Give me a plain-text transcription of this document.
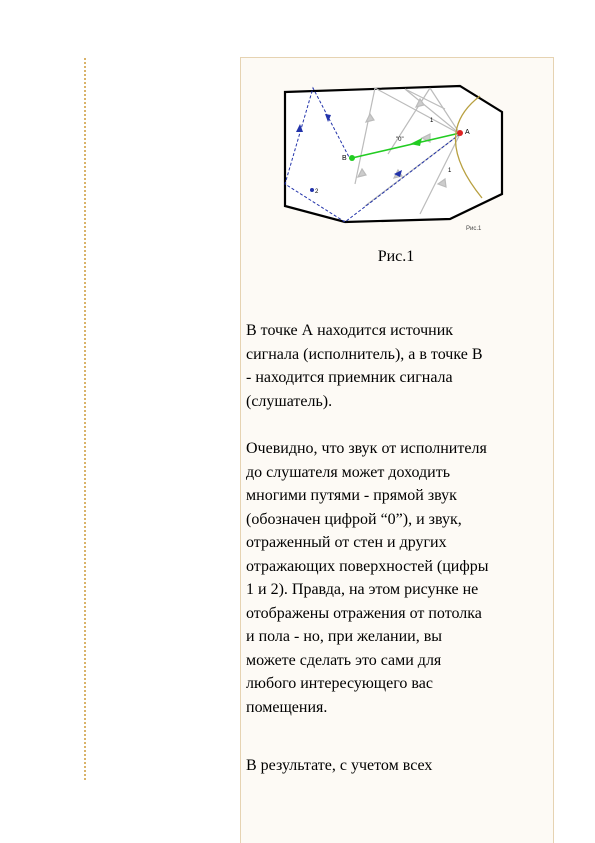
A
B
"0"
1
1
2
Рис.1
Рис.1
В точке А находится источник
сигнала (исполнитель), а в точке В
- находится приемник сигнала
(слушатель).
Очевидно, что звук от исполнителя
до слушателя может доходить
многими путями - прямой звук
(обозначен цифрой “0”), и звук,
отраженный от стен и других
отражающих поверхностей (цифры
1 и 2). Правда, на этом рисунке не
отображены отражения от потолка
и пола - но, при желании, вы
можете сделать это сами для
любого интересующего вас
помещения.
В результате, с учетом всех
